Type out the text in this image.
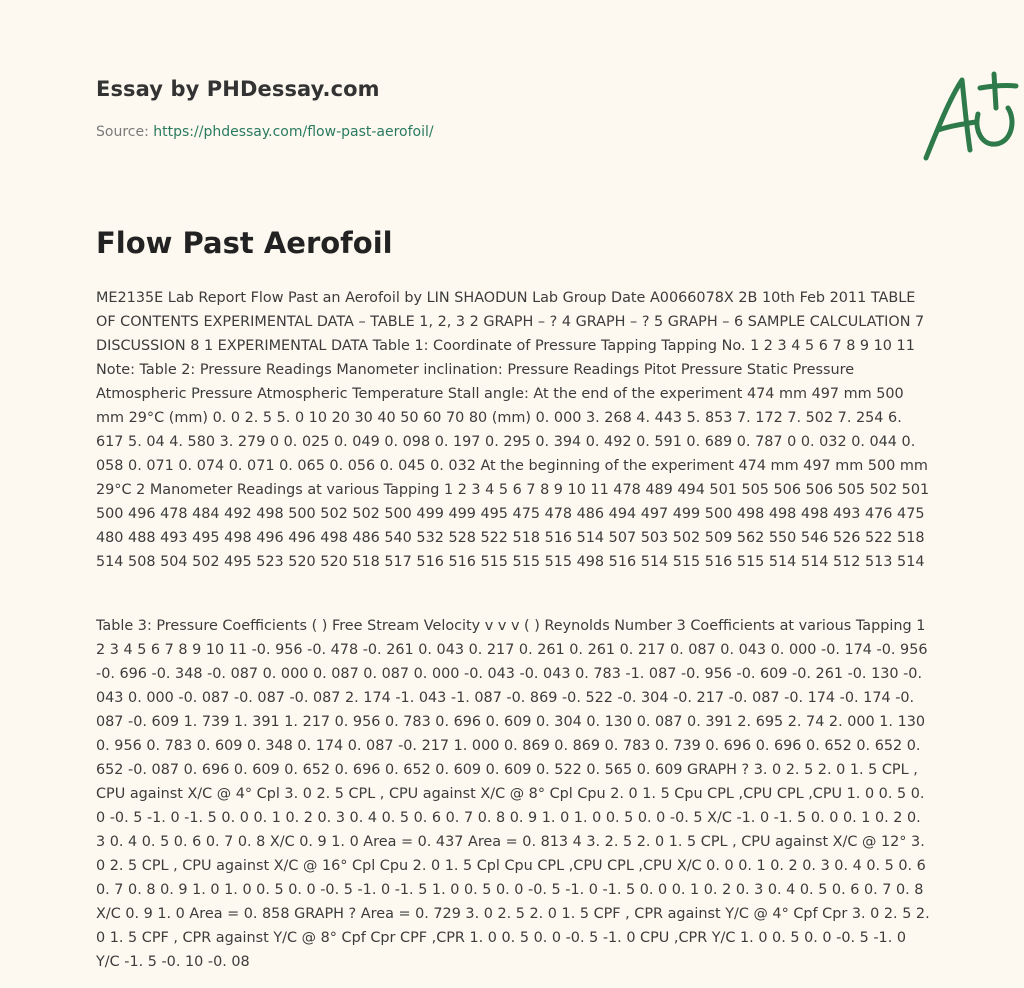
Essay by PHDessay.com
Source: https://phdessay.com/flow-past-aerofoil/
Flow Past Aerofoil

ME2135E Lab Report Flow Past an Aerofoil by LIN SHAODUN Lab Group Date A0066078X 2B 10th Feb 2011 TABLE OF CONTENTS EXPERIMENTAL DATA – TABLE 1, 2, 3 2 GRAPH – ? 4 GRAPH – ? 5 GRAPH – 6 SAMPLE CALCULATION 7 DISCUSSION 8 1 EXPERIMENTAL DATA Table 1: Coordinate of Pressure Tapping Tapping No. 1 2 3 4 5 6 7 8 9 10 11 Note: Table 2: Pressure Readings Manometer inclination: Pressure Readings Pitot Pressure Static Pressure Atmospheric Pressure Atmospheric Temperature Stall angle: At the end of the experiment 474 mm 497 mm 500 mm 29°C (mm) 0. 0 2. 5 5. 0 10 20 30 40 50 60 70 80 (mm) 0. 000 3. 268 4. 443 5. 853 7. 172 7. 502 7. 254 6. 617 5. 04 4. 580 3. 279 0 0. 025 0. 049 0. 098 0. 197 0. 295 0. 394 0. 492 0. 591 0. 689 0. 787 0 0. 032 0. 044 0. 058 0. 071 0. 074 0. 071 0. 065 0. 056 0. 045 0. 032 At the beginning of the experiment 474 mm 497 mm 500 mm 29°C 2 Manometer Readings at various Tapping 1 2 3 4 5 6 7 8 9 10 11 478 489 494 501 505 506 506 505 502 501 500 496 478 484 492 498 500 502 502 500 499 499 495 475 478 486 494 497 499 500 498 498 498 493 476 475 480 488 493 495 498 496 496 498 486 540 532 528 522 518 516 514 507 503 502 509 562 550 546 526 522 518 514 508 504 502 495 523 520 520 518 517 516 516 515 515 515 498 516 514 515 516 515 514 514 512 513 514

Table 3: Pressure Coefficients ( ) Free Stream Velocity v v v ( ) Reynolds Number 3 Coefficients at various Tapping 1 2 3 4 5 6 7 8 9 10 11 -0. 956 -0. 478 -0. 261 0. 043 0. 217 0. 261 0. 261 0. 217 0. 087 0. 043 0. 000 -0. 174 -0. 956 -0. 696 -0. 348 -0. 087 0. 000 0. 087 0. 087 0. 000 -0. 043 -0. 043 0. 783 -1. 087 -0. 956 -0. 609 -0. 261 -0. 130 -0. 043 0. 000 -0. 087 -0. 087 -0. 087 2. 174 -1. 043 -1. 087 -0. 869 -0. 522 -0. 304 -0. 217 -0. 087 -0. 174 -0. 174 -0. 087 -0. 609 1. 739 1. 391 1. 217 0. 956 0. 783 0. 696 0. 609 0. 304 0. 130 0. 087 0. 391 2. 695 2. 74 2. 000 1. 130 0. 956 0. 783 0. 609 0. 348 0. 174 0. 087 -0. 217 1. 000 0. 869 0. 869 0. 783 0. 739 0. 696 0. 696 0. 652 0. 652 0. 652 -0. 087 0. 696 0. 609 0. 652 0. 696 0. 652 0. 609 0. 609 0. 522 0. 565 0. 609 GRAPH ? 3. 0 2. 5 2. 0 1. 5 CPL , CPU against X/C @ 4° Cpl 3. 0 2. 5 CPL , CPU against X/C @ 8° Cpl Cpu 2. 0 1. 5 Cpu CPL ,CPU CPL ,CPU 1. 0 0. 5 0. 0 -0. 5 -1. 0 -1. 5 0. 0 0. 1 0. 2 0. 3 0. 4 0. 5 0. 6 0. 7 0. 8 0. 9 1. 0 1. 0 0. 5 0. 0 -0. 5 X/C -1. 0 -1. 5 0. 0 0. 1 0. 2 0. 3 0. 4 0. 5 0. 6 0. 7 0. 8 X/C 0. 9 1. 0 Area = 0. 437 Area = 0. 813 4 3. 2. 5 2. 0 1. 5 CPL , CPU against X/C @ 12° 3. 0 2. 5 CPL , CPU against X/C @ 16° Cpl Cpu 2. 0 1. 5 Cpl Cpu CPL ,CPU CPL ,CPU X/C 0. 0 0. 1 0. 2 0. 3 0. 4 0. 5 0. 6 0. 7 0. 8 0. 9 1. 0 1. 0 0. 5 0. 0 -0. 5 -1. 0 -1. 5 1. 0 0. 5 0. 0 -0. 5 -1. 0 -1. 5 0. 0 0. 1 0. 2 0. 3 0. 4 0. 5 0. 6 0. 7 0. 8 X/C 0. 9 1. 0 Area = 0. 858 GRAPH ? Area = 0. 729 3. 0 2. 5 2. 0 1. 5 CPF , CPR against Y/C @ 4° Cpf Cpr 3. 0 2. 5 2. 0 1. 5 CPF , CPR against Y/C @ 8° Cpf Cpr CPF ,CPR 1. 0 0. 5 0. 0 -0. 5 -1. 0 CPU ,CPR Y/C 1. 0 0. 5 0. 0 -0. 5 -1. 0 Y/C -1. 5 -0. 10 -0. 08
